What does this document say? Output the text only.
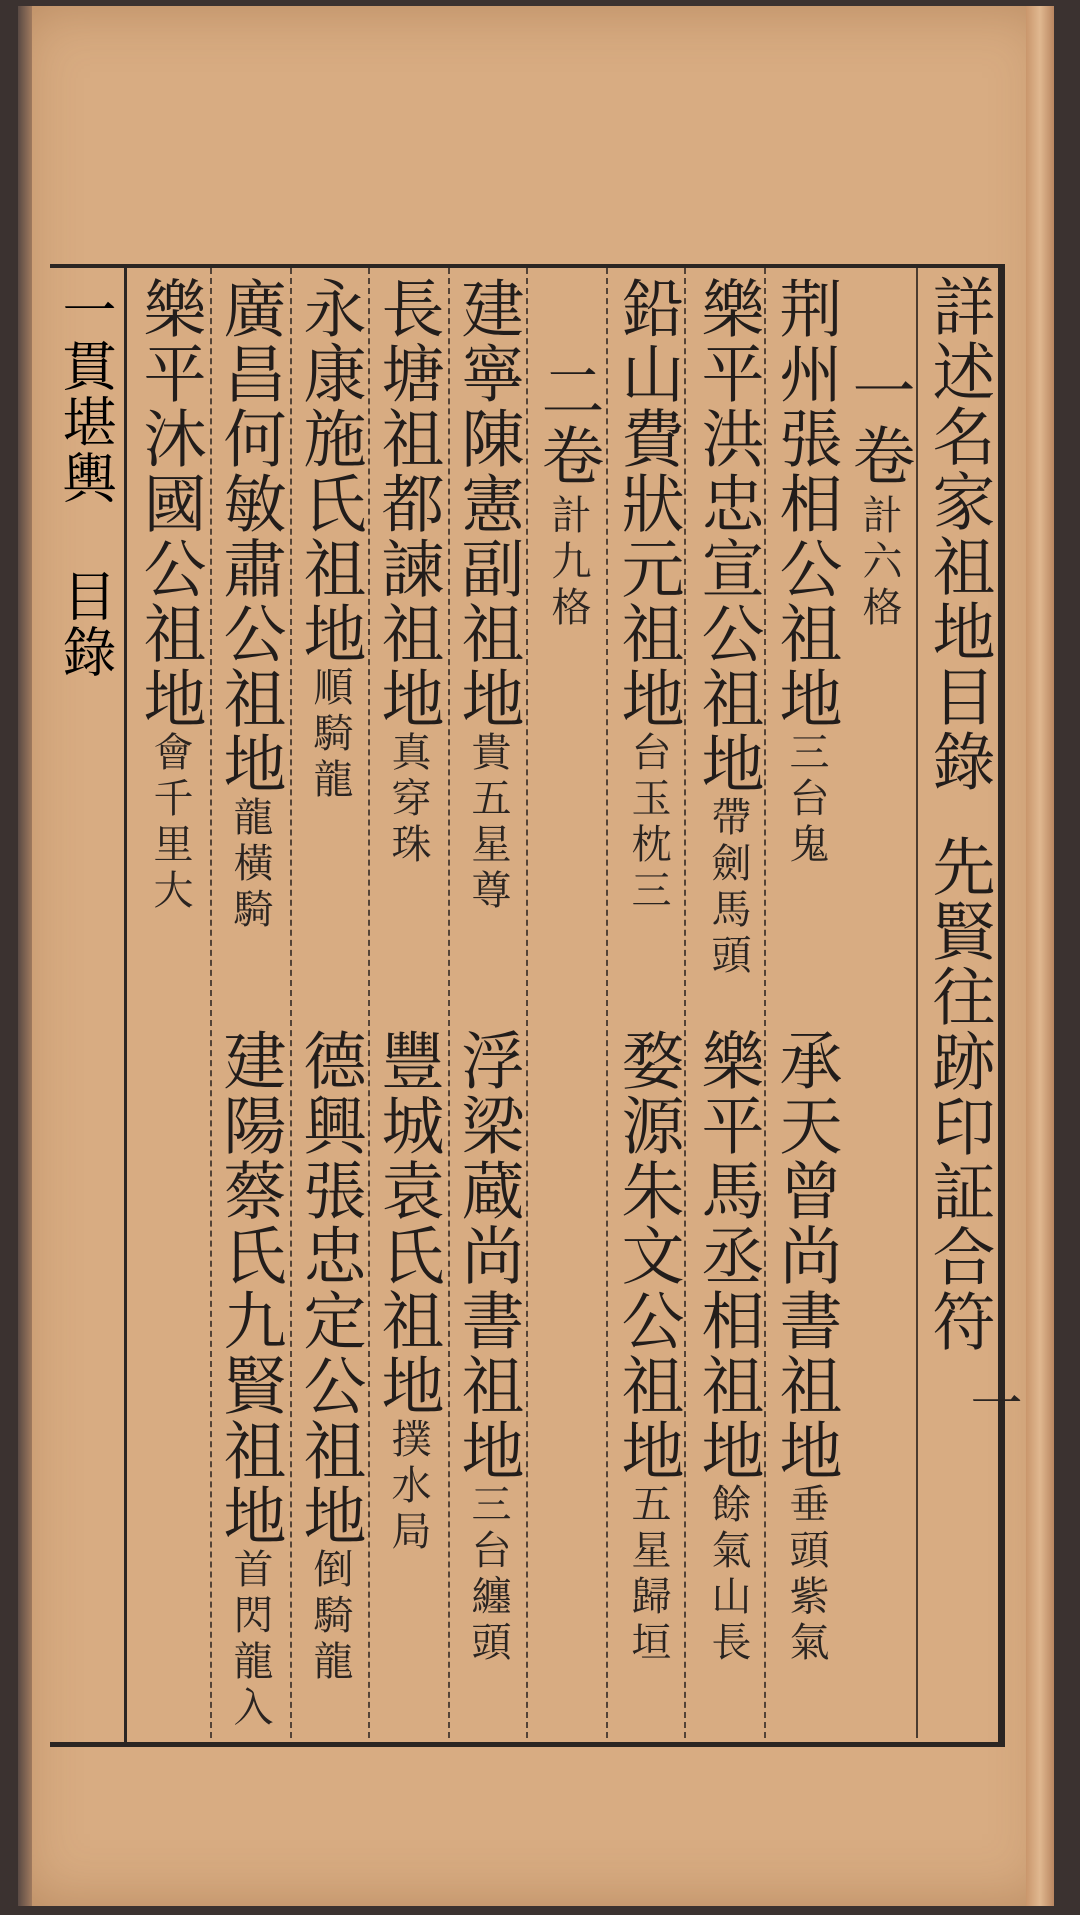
一貫堪輿
目錄	詳述名家祖地目錄
先賢往跡印証合符
一卷
計六格
荆州張相公祖地
三台鬼
樂平洪忠宣公祖地
帶劍馬頭
鉛山費狀元祖地
台玉枕三
承天曾尚書祖地
垂頭紫氣
樂平馬丞相祖地
餘氣山長
婺源朱文公祖地
五星歸垣
二卷
計九格
建寧陳憲副祖地
貴五星尊
長塘祖都諫祖地
真穿珠
永康施氏祖地
順騎龍
廣昌何敏肅公祖地
龍橫騎
樂平沐國公祖地
會千里大
浮梁蔵尚書祖地
三台纏頭
豐城袁氏祖地
撲水局
德興張忠定公祖地
倒騎龍
建陽蔡氏九賢祖地
首閃龍入
一
